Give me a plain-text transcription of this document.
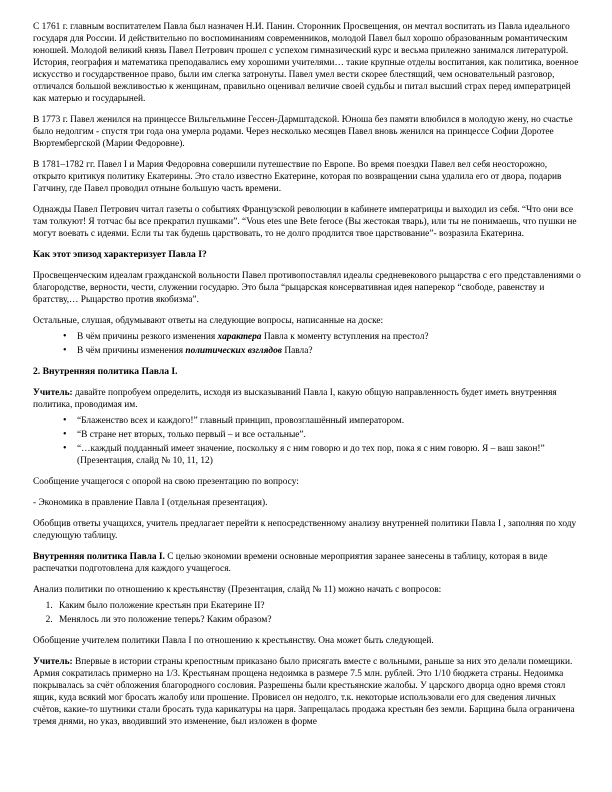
С 1761 г. главным воспитателем Павла был назначен Н.И. Панин. Сторонник Просвещения, он мечтал воспитать из Павла идеального государя для России. И действительно по воспоминаниям современников, молодой Павел был хорошо образованным романтическим юношей. Молодой великий князь Павел Петрович прошел с успехом гимназический курс и весьма прилежно занимался литературой. История, география и математика преподавались ему хорошими учителями… такие крупные отделы воспитания, как политика, военное искусство и государственное право, были им слегка затронуты. Павел умел вести скорее блестящий, чем основательный разговор, отличался большой вежливостью к женщинам, правильно оценивал величие своей судьбы и питал высший страх перед императрицей как матерью и государыней.

В 1773 г. Павел женился на принцессе Вильгельмине Гессен-Дармштадской. Юноша без памяти влюбился в молодую жену, но счастье было недолгим - спустя три года она умерла родами. Через несколько месяцев Павел вновь женился на принцессе Софии Доротее Вюртембергской (Марии Федоровне).

В 1781–1782 гг. Павел I и Мария Федоровна совершили путешествие по Европе. Во время поездки Павел вел себя неосторожно, открыто критикуя политику Екатерины. Это стало известно Екатерине, которая по возвращении сына удалила его от двора, подарив Гатчину, где Павел проводил отныне большую часть времени.

Однажды Павел Петрович читал газеты о событиях Французской революции в кабинете императрицы и выходил из себя. “Что они все там толкуют! Я тотчас бы все прекратил пушками”. “Vous etes une Bete feroce (Вы жестокая тварь), или ты не понимаешь, что пушки не могут воевать с идеями. Если ты так будешь царствовать, то не долго продлится твое царствование”- возразила Екатерина.

Как этот эпизод характеризует Павла I?

Просвещенческим идеалам гражданской вольности Павел противопоставлял идеалы средневекового рыцарства с его представлениями о благородстве, верности, чести, служении государю. Это была “рыцарская консервативная идея наперекор “свободе, равенству и братству,… Рыцарство против якобизма”.

Остальные, слушая, обдумывают ответы на следующие вопросы, написанные на доске:

• В чём причины резкого изменения характера Павла к моменту вступления на престол?
• В чём причины изменения политических взглядов Павла?
2. Внутренняя политика Павла I.

Учитель: давайте попробуем определить, исходя из высказываний Павла I, какую общую направленность будет иметь внутренняя политика, проводимая им.

• “Блаженство всех и каждого!” главный принцип, провозглашённый императором.
• “В стране нет вторых, только первый – и все остальные”.
• “…каждый подданный имеет значение, поскольку я с ним говорю и до тех пор, пока я с ним говорю. Я – ваш закон!”
(Презентация, слайд № 10, 11, 12)

Сообщение учащегося с опорой на свою презентацию по вопросу:

- Экономика в правление Павла I (отдельная презентация).

Обобщив ответы учащихся, учитель предлагает перейти к непосредственному анализу внутренней политики Павла I , заполняя по ходу следующую таблицу.

Внутренняя политика Павла I. С целью экономии времени основные мероприятия заранее занесены в таблицу, которая в виде распечатки подготовлена для каждого учащегося.

Анализ политики по отношению к крестьянству (Презентация, слайд № 11) можно начать с вопросов:

1. Каким было положение крестьян при Екатерине II?
2. Менялось ли это положение теперь? Каким образом?

Обобщение учителем политики Павла I по отношению к крестьянству. Она может быть следующей.

Учитель: Впервые в истории страны крепостным приказано было присягать вместе с вольными, раньше за них это делали помещики. Армия сократилась примерно на 1/3. Крестьянам прощена недоимка в размере 7.5 млн. рублей. Это 1/10 бюджета страны. Недоимка покрывалась за счёт обложения благородного сословия. Разрешены были крестьянские жалобы. У царского дворца одно время стоял ящик, куда всякий мог бросать жалобу или прошение. Провисел он недолго, т.к. некоторые использовали его для сведения личных счётов, какие-то шутники стали бросать туда карикатуры на царя. Запрещалась продажа крестьян без земли. Барщина была ограничена тремя днями, но указ, вводивший это изменение, был изложен в форме
